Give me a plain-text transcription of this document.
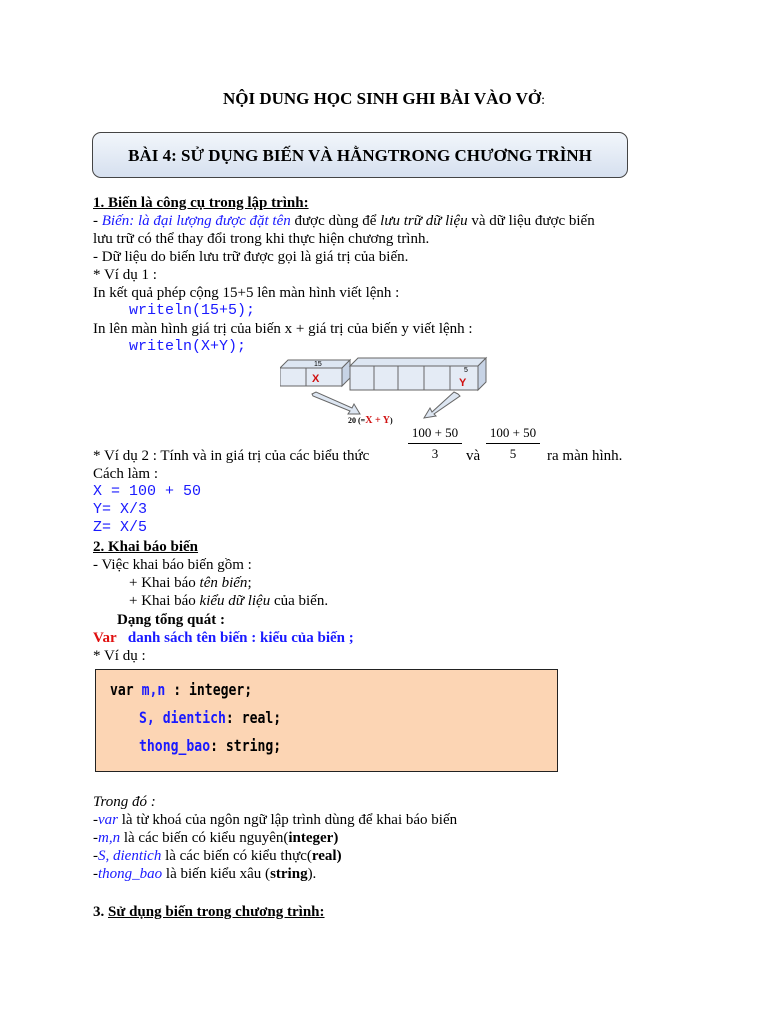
NỘI DUNG HỌC SINH GHI BÀI VÀO VỞ:
BÀI 4: SỬ DỤNG BIẾN VÀ HẰNGTRONG CHƯƠNG TRÌNH
1. Biến là công cụ trong lập trình:
- Biến: là đại lượng được đặt tên được dùng để lưu trữ dữ liệu và dữ liệu được biến
lưu trữ có thể thay đổi trong khi thực hiện chương trình.
- Dữ liệu do biến lưu trữ được gọi là giá trị của biến.
* Ví dụ 1 :
In kết quả phép cộng 15+5 lên màn hình viết lệnh :
writeln(15+5);
In lên màn hình giá trị của biến x + giá trị của biến y viết lệnh :
writeln(X+Y);
X
15
Y
5
20 (=X + Y)
100 + 50
3
100 + 50
5
* Ví dụ 2 : Tính và in giá trị của các biểu thức	và	ra màn hình.
Cách làm :
X = 100 + 50
Y= X/3
Z= X/5
2. Khai báo biến
- Việc khai báo biến gồm :
+ Khai báo tên biến;
+ Khai báo kiểu dữ liệu của biến.
Dạng tổng quát :
Var danh sách tên biến : kiểu của biến ;
* Ví dụ :
var m,n : integer;
S, dientich: real;
thong_bao: string;
Trong đó :
-var là từ khoá của ngôn ngữ lập trình dùng để khai báo biến
-m,n là các biến có kiểu nguyên(integer)
-S, dientich là các biến có kiểu thực(real)
-thong_bao là biến kiểu xâu (string).
3. Sử dụng biến trong chương trình:
